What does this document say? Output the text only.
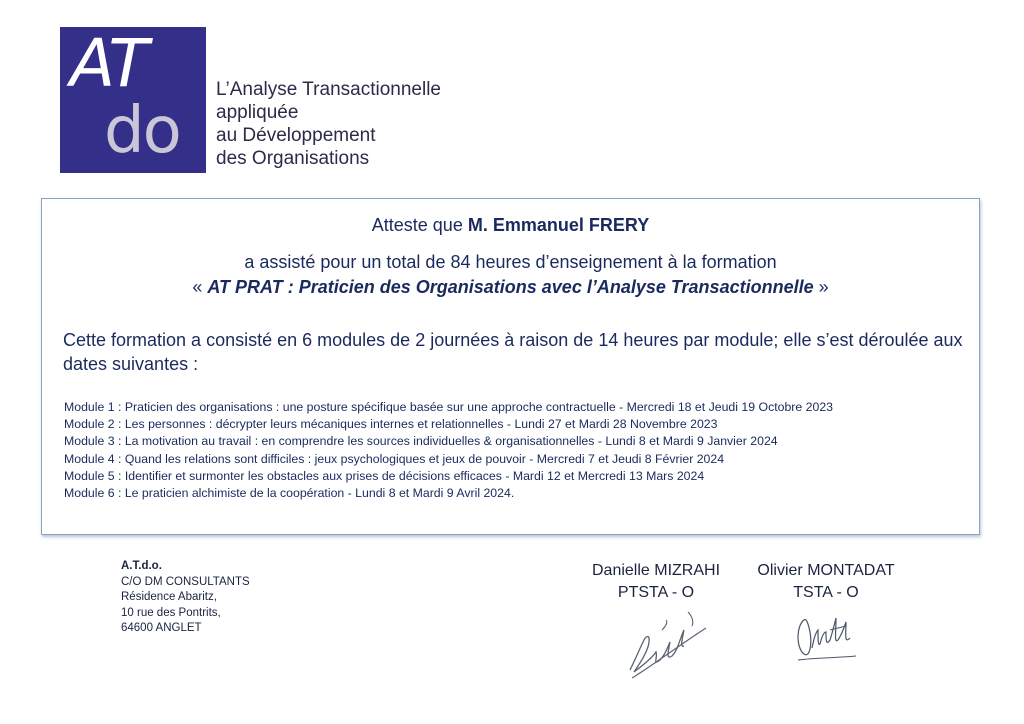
AT
do
L’Analyse Transactionnelle
appliquée
au Développement
des Organisations
Atteste que M. Emmanuel FRERY
a assisté pour un total de 84 heures d’enseignement à la formation
« AT PRAT : Praticien des Organisations avec l’Analyse Transactionnelle »
Cette formation a consisté en 6 modules de 2 journées à raison de 14 heures par module; elle s’est déroulée aux dates suivantes :
Module 1 : Praticien des organisations : une posture spécifique basée sur une approche contractuelle - Mercredi 18 et Jeudi 19 Octobre 2023
Module 2 : Les personnes : décrypter leurs mécaniques internes et relationnelles - Lundi 27 et Mardi 28 Novembre 2023
Module 3 : La motivation au travail : en comprendre les sources individuelles & organisationnelles - Lundi 8 et Mardi 9 Janvier 2024
Module 4 : Quand les relations sont difficiles : jeux psychologiques et jeux de pouvoir - Mercredi 7 et Jeudi 8 Février 2024
Module 5 : Identifier et surmonter les obstacles aux prises de décisions efficaces - Mardi 12 et Mercredi 13 Mars 2024
Module 6 : Le praticien alchimiste de la coopération - Lundi 8 et Mardi 9 Avril 2024.
A.T.d.o.
C/O DM CONSULTANTS
Résidence Abaritz,
10 rue des Pontrits,
64600 ANGLET
Danielle MIZRAHI
PTSTA - O
Olivier MONTADAT
TSTA - O
